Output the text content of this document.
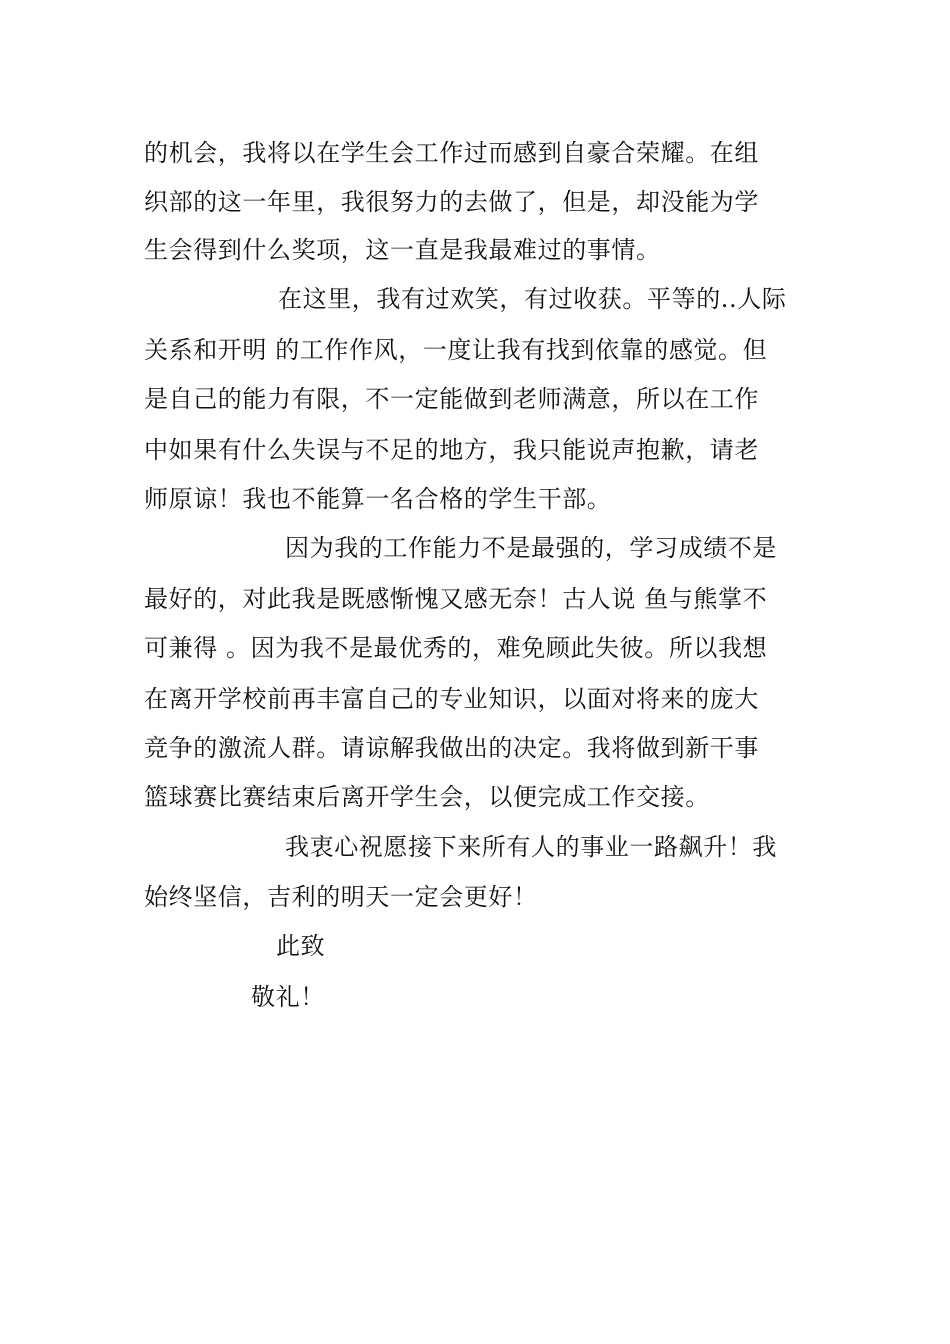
的机会，我将以在学生会工作过而感到自豪合荣耀。在组
织部的这一年里，我很努力的去做了，但是，却没能为学
生会得到什么奖项，这一直是我最难过的事情。
在这里，我有过欢笑，有过收获。平等的..人际
关系和开明 的工作作风，一度让我有找到依靠的感觉。但
是自己的能力有限，不一定能做到老师满意，所以在工作
中如果有什么失误与不足的地方，我只能说声抱歉，请老
师原谅！我也不能算一名合格的学生干部。
因为我的工作能力不是最强的，学习成绩不是
最好的，对此我是既感惭愧又感无奈！古人说 鱼与熊掌不
可兼得 。因为我不是最优秀的，难免顾此失彼。所以我想
在离开学校前再丰富自己的专业知识，以面对将来的庞大
竞争的激流人群。请谅解我做出的决定。我将做到新干事
篮球赛比赛结束后离开学生会，以便完成工作交接。
我衷心祝愿接下来所有人的事业一路飙升！我
始终坚信，吉利的明天一定会更好！
此致
敬礼！
